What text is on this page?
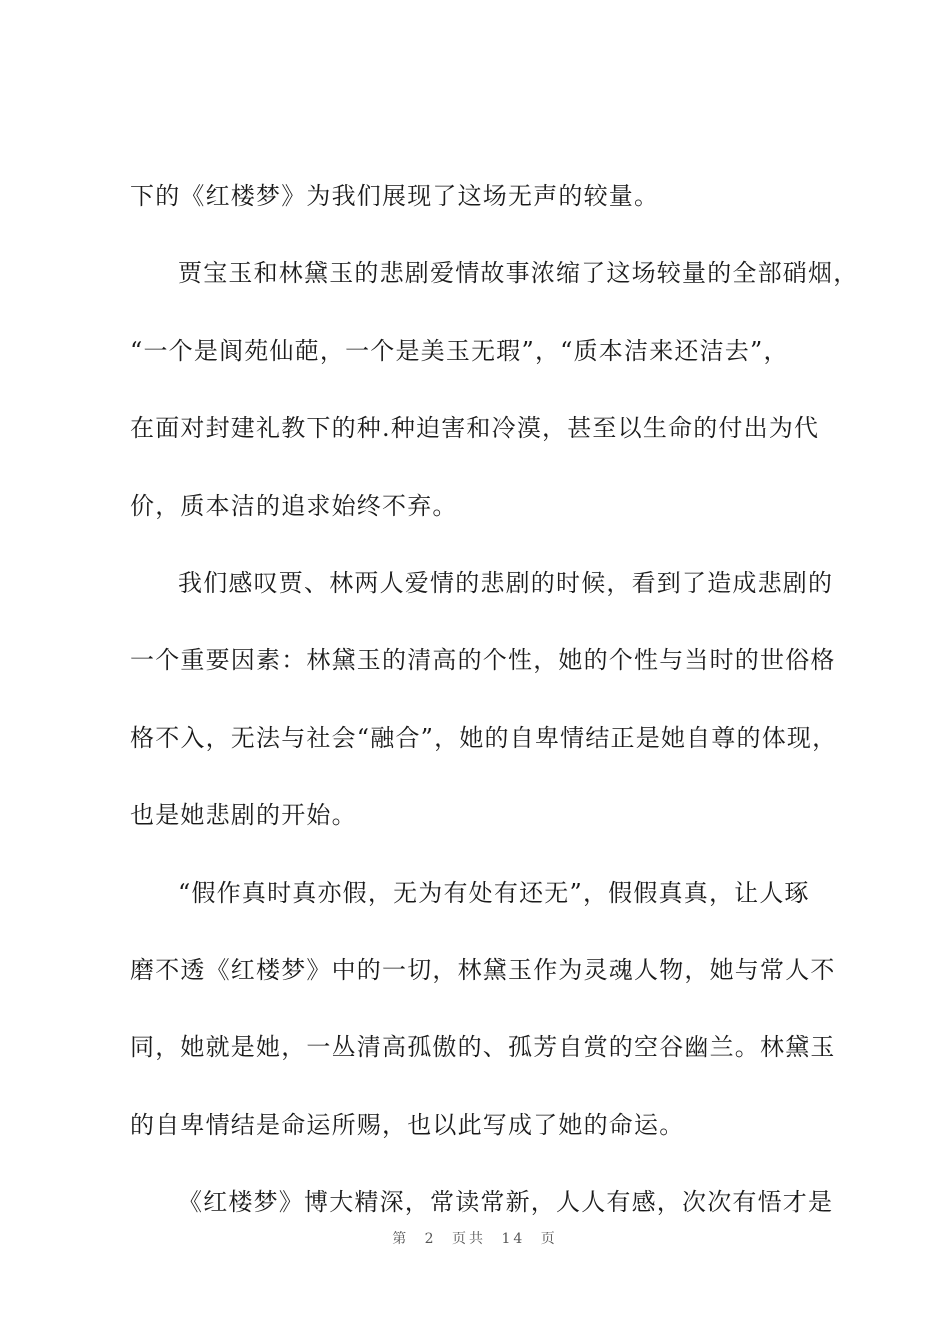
下的《红楼梦》为我们展现了这场无声的较量。
贾宝玉和林黛玉的悲剧爱情故事浓缩了这场较量的全部硝烟，
“一个是阆苑仙葩，一个是美玉无瑕”，“质本洁来还洁去”，
在面对封建礼教下的种.种迫害和冷漠，甚至以生命的付出为代
价，质本洁的追求始终不弃。
我们感叹贾、林两人爱情的悲剧的时候，看到了造成悲剧的
一个重要因素：林黛玉的清高的个性，她的个性与当时的世俗格
格不入，无法与社会“融合”，她的自卑情结正是她自尊的体现，
也是她悲剧的开始。
“假作真时真亦假，无为有处有还无”，假假真真，让人琢
磨不透《红楼梦》中的一切，林黛玉作为灵魂人物，她与常人不
同，她就是她，一丛清高孤傲的、孤芳自赏的空谷幽兰。林黛玉
的自卑情结是命运所赐，也以此写成了她的命运。
《红楼梦》博大精深，常读常新，人人有感，次次有悟才是
第 2 页共 14 页
